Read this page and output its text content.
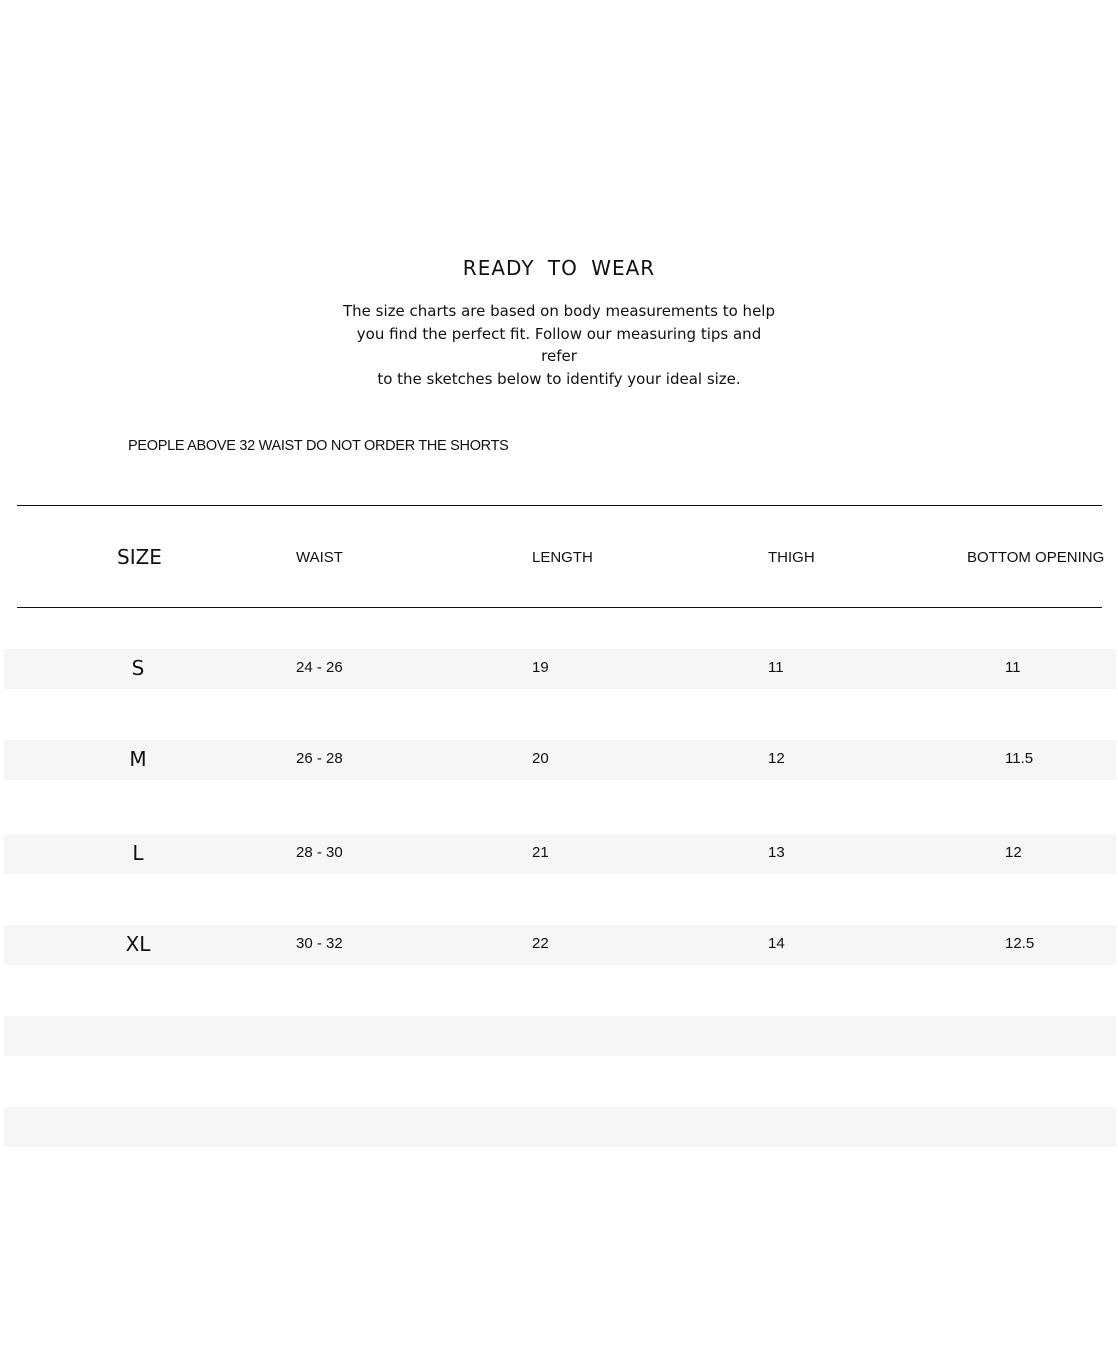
READY TO WEAR

The size charts are based on body measurements to help
you find the perfect fit. Follow our measuring tips and refer
to the sketches below to identify your ideal size.

PEOPLE ABOVE 32 WAIST DO NOT ORDER THE SHORTS

SIZE	WAIST	LENGTH	THIGH	BOTTOM OPENING
S	24 - 26	19	11	11
M	26 - 28	20	12	11.5
L	28 - 30	21	13	12
XL	30 - 32	22	14	12.5
